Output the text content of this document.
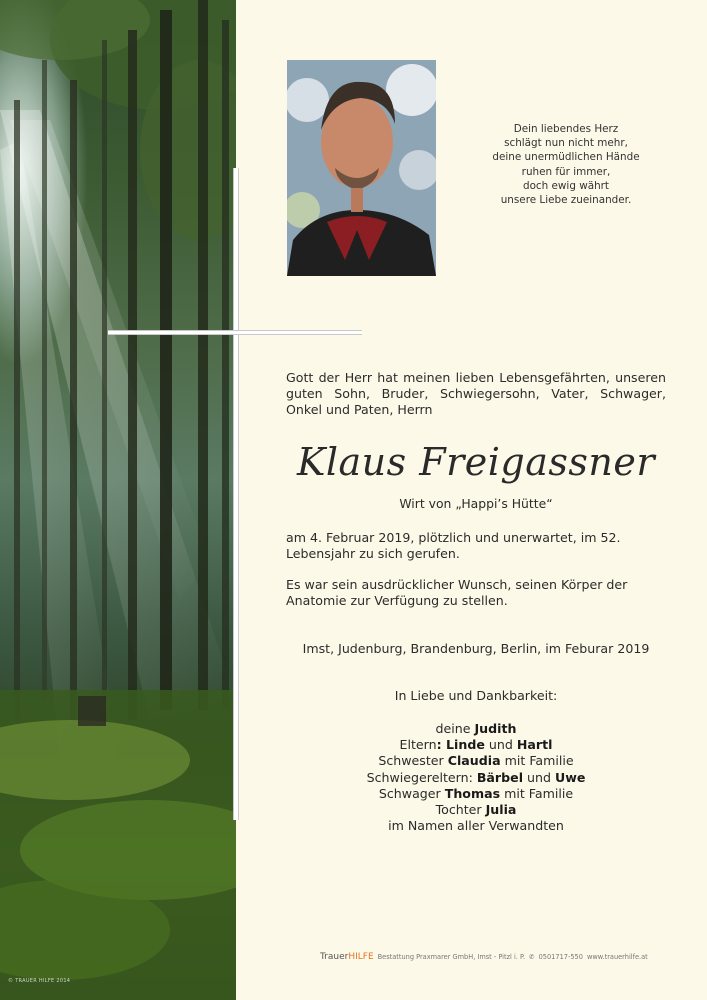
© TRAUER HILFE 2014
Dein liebendes Herz
schlägt nun nicht mehr,
deine unermüdlichen Hände
ruhen für immer,
doch ewig währt
unsere Liebe zueinander.
Gott der Herr hat meinen lieben Lebensgefährten, unseren guten Sohn, Bruder, Schwiegersohn, Vater, Schwager, Onkel und Paten, Herrn
Klaus Freigassner
Wirt von „Happi’s Hütte“
am 4. Februar 2019, plötzlich und unerwartet, im 52. Lebensjahr zu sich gerufen.
Es war sein ausdrücklicher Wunsch, seinen Körper der Anatomie zur Verfügung zu stellen.
Imst, Judenburg, Brandenburg, Berlin, im Feburar 2019
In Liebe und Dankbarkeit:
deine Judith
Eltern: Linde und Hartl
Schwester Claudia mit Familie
Schwiegereltern: Bärbel und Uwe
Schwager Thomas mit Familie
Tochter Julia
im Namen aller Verwandten
TrauerHILFE Bestattung Praxmarer GmbH, Imst - Pitzl i. P. ✆ 0501717-550 www.trauerhilfe.at
